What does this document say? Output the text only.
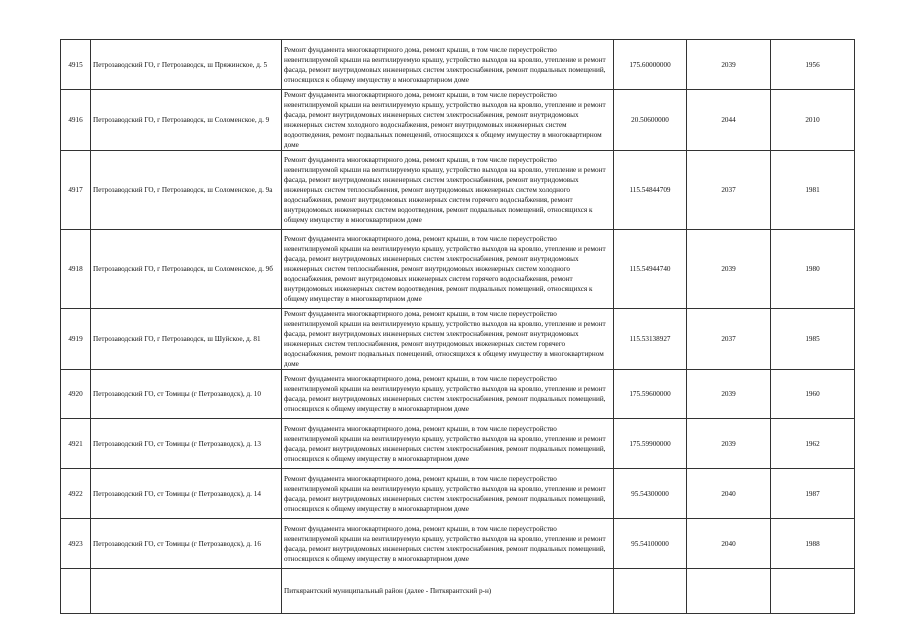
4915	Петрозаводский ГО, г Петрозаводск, ш Пряжинское, д. 5	Ремонт фундамента многоквартирного дома, ремонт крыши, в том числе переустройство невентилируемой крыши на вентилируемую крышу, устройство выходов на кровлю, утепление и ремонт фасада, ремонт внутридомовых инженерных систем электроснабжения, ремонт подвальных помещений, относящихся к общему имуществу в многоквартирном доме	175.60000000	2039	1956
4916	Петрозаводский ГО, г Петрозаводск, ш Соломенское, д. 9	Ремонт фундамента многоквартирного дома, ремонт крыши, в том числе переустройство невентилируемой крыши на вентилируемую крышу, устройство выходов на кровлю, утепление и ремонт фасада, ремонт внутридомовых инженерных систем электроснабжения, ремонт внутридомовых инженерных систем холодного водоснабжения, ремонт внутридомовых инженерных систем водоотведения, ремонт подвальных помещений, относящихся к общему имуществу в многоквартирном доме	20.50600000	2044	2010
4917	Петрозаводский ГО, г Петрозаводск, ш Соломенское, д. 9а	Ремонт фундамента многоквартирного дома, ремонт крыши, в том числе переустройство невентилируемой крыши на вентилируемую крышу, устройство выходов на кровлю, утепление и ремонт фасада, ремонт внутридомовых инженерных систем электроснабжения, ремонт внутридомовых инженерных систем теплоснабжения, ремонт внутридомовых инженерных систем холодного водоснабжения, ремонт внутридомовых инженерных систем горячего водоснабжения, ремонт внутридомовых инженерных систем водоотведения, ремонт подвальных помещений, относящихся к общему имуществу в многоквартирном доме	115.54844709	2037	1981
4918	Петрозаводский ГО, г Петрозаводск, ш Соломенское, д. 9б	Ремонт фундамента многоквартирного дома, ремонт крыши, в том числе переустройство невентилируемой крыши на вентилируемую крышу, устройство выходов на кровлю, утепление и ремонт фасада, ремонт внутридомовых инженерных систем электроснабжения, ремонт внутридомовых инженерных систем теплоснабжения, ремонт внутридомовых инженерных систем холодного водоснабжения, ремонт внутридомовых инженерных систем горячего водоснабжения, ремонт внутридомовых инженерных систем водоотведения, ремонт подвальных помещений, относящихся к общему имуществу в многоквартирном доме	115.54944740	2039	1980
4919	Петрозаводский ГО, г Петрозаводск, ш Шуйское, д. 81	Ремонт фундамента многоквартирного дома, ремонт крыши, в том числе переустройство невентилируемой крыши на вентилируемую крышу, устройство выходов на кровлю, утепление и ремонт фасада, ремонт внутридомовых инженерных систем электроснабжения, ремонт внутридомовых инженерных систем теплоснабжения, ремонт внутридомовых инженерных систем горячего водоснабжения, ремонт подвальных помещений, относящихся к общему имуществу в многоквартирном доме	115.53138927	2037	1985
4920	Петрозаводский ГО, ст Томицы (г Петрозаводск), д. 10	Ремонт фундамента многоквартирного дома, ремонт крыши, в том числе переустройство невентилируемой крыши на вентилируемую крышу, устройство выходов на кровлю, утепление и ремонт фасада, ремонт внутридомовых инженерных систем электроснабжения, ремонт подвальных помещений, относящихся к общему имуществу в многоквартирном доме	175.59600000	2039	1960
4921	Петрозаводский ГО, ст Томицы (г Петрозаводск), д. 13	Ремонт фундамента многоквартирного дома, ремонт крыши, в том числе переустройство невентилируемой крыши на вентилируемую крышу, устройство выходов на кровлю, утепление и ремонт фасада, ремонт внутридомовых инженерных систем электроснабжения, ремонт подвальных помещений, относящихся к общему имуществу в многоквартирном доме	175.59900000	2039	1962
4922	Петрозаводский ГО, ст Томицы (г Петрозаводск), д. 14	Ремонт фундамента многоквартирного дома, ремонт крыши, в том числе переустройство невентилируемой крыши на вентилируемую крышу, устройство выходов на кровлю, утепление и ремонт фасада, ремонт внутридомовых инженерных систем электроснабжения, ремонт подвальных помещений, относящихся к общему имуществу в многоквартирном доме	95.54300000	2040	1987
4923	Петрозаводский ГО, ст Томицы (г Петрозаводск), д. 16	Ремонт фундамента многоквартирного дома, ремонт крыши, в том числе переустройство невентилируемой крыши на вентилируемую крышу, устройство выходов на кровлю, утепление и ремонт фасада, ремонт внутридомовых инженерных систем электроснабжения, ремонт подвальных помещений, относящихся к общему имуществу в многоквартирном доме	95.54100000	2040	1988
		Питкярантский муниципальный район (далее - Питкярантский р-н)			
